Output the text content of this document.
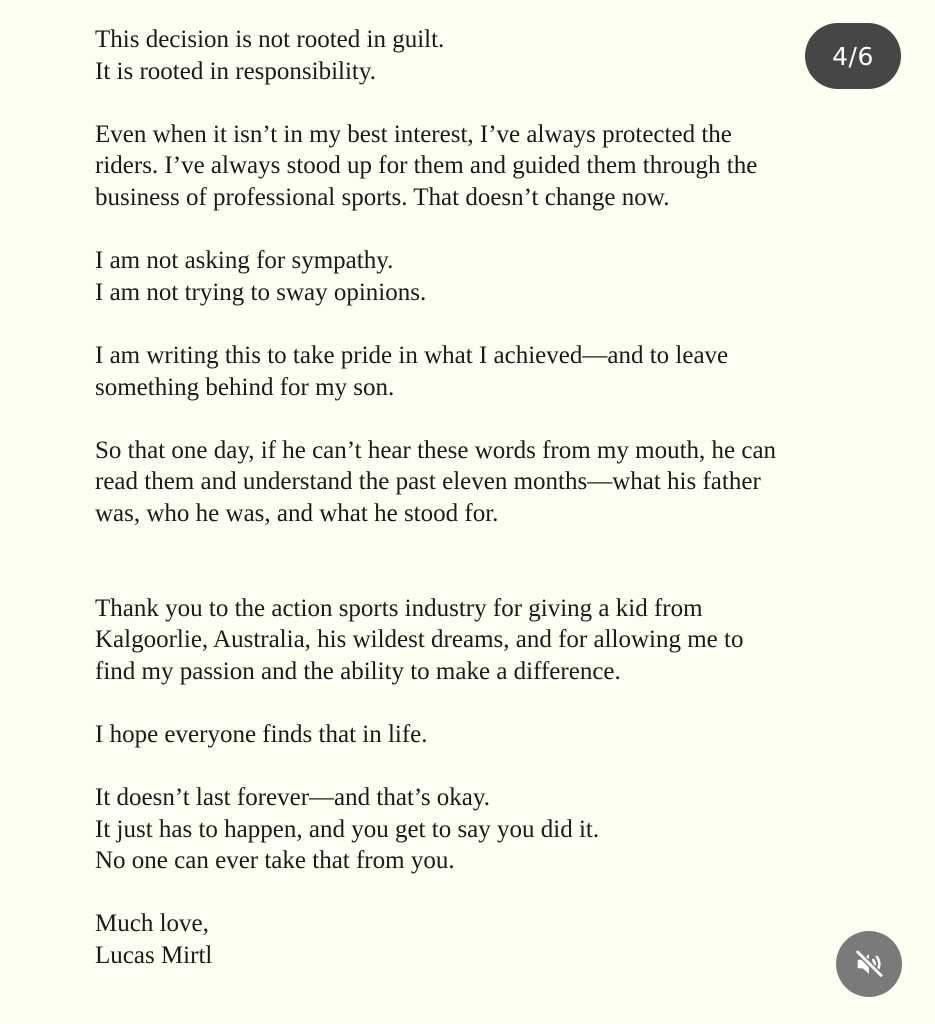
This decision is not rooted in guilt.
It is rooted in responsibility.

Even when it isn’t in my best interest, I’ve always protected the
riders. I’ve always stood up for them and guided them through the
business of professional sports. That doesn’t change now.

I am not asking for sympathy.
I am not trying to sway opinions.

I am writing this to take pride in what I achieved—and to leave
something behind for my son.

So that one day, if he can’t hear these words from my mouth, he can
read them and understand the past eleven months—what his father
was, who he was, and what he stood for.

Thank you to the action sports industry for giving a kid from
Kalgoorlie, Australia, his wildest dreams, and for allowing me to
find my passion and the ability to make a difference.

I hope everyone finds that in life.

It doesn’t last forever—and that’s okay.
It just has to happen, and you get to say you did it.
No one can ever take that from you.

Much love,
Lucas Mirtl

4/6
